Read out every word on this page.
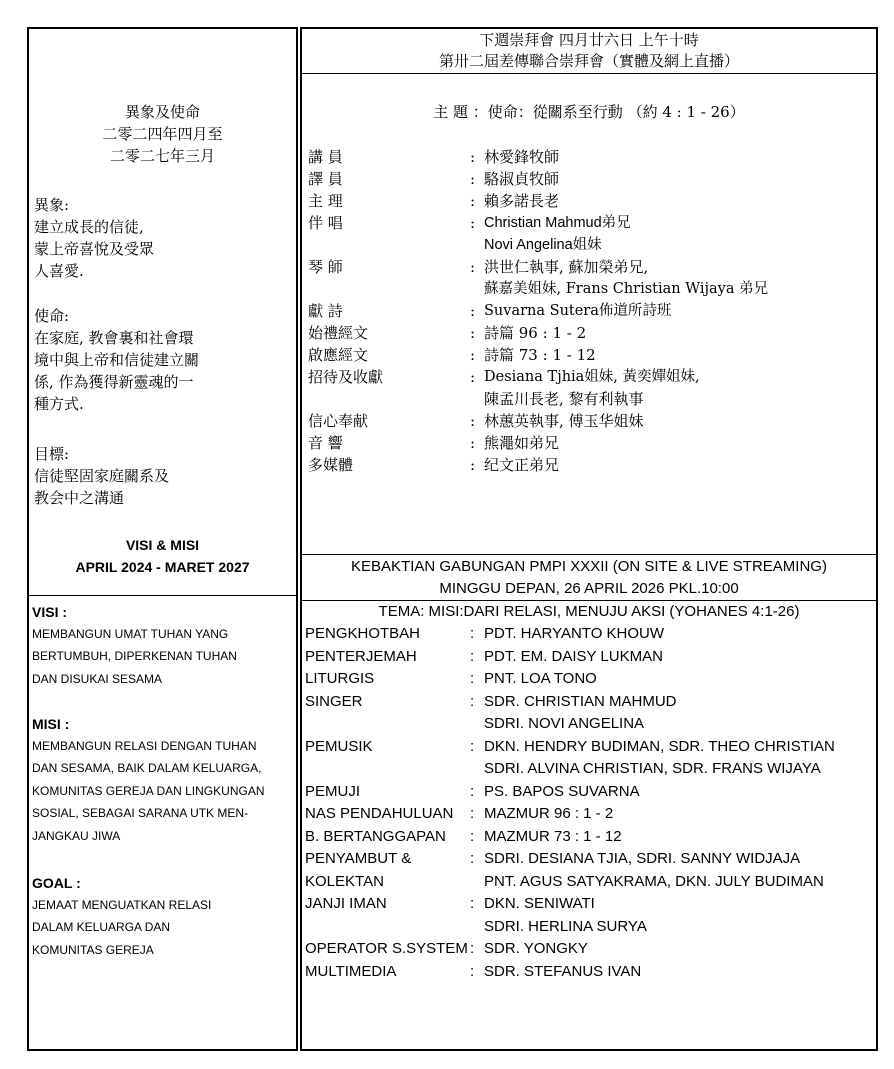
異象及使命
二零二四年四月至
二零二七年三月
異象:
建立成長的信徒,
蒙上帝喜悅及受眾
人喜愛.
使命:
在家庭, 教會裏和社會環
境中與上帝和信徒建立關
係, 作為獲得新靈魂的一
種方式.
目標:
信徒堅固家庭關系及
教会中之溝通
VISI & MISI
APRIL 2024 - MARET 2027
VISI :
MEMBANGUN UMAT TUHAN YANG
BERTUMBUH, DIPERKENAN TUHAN
DAN DISUKAI SESAMA
MISI :
MEMBANGUN RELASI DENGAN TUHAN
DAN SESAMA, BAIK DALAM KELUARGA,
KOMUNITAS GEREJA DAN LINGKUNGAN
SOSIAL, SEBAGAI SARANA UTK MEN-
JANGKAU JIWA
GOAL :
JEMAAT MENGUATKAN RELASI
DALAM KELUARGA DAN
KOMUNITAS GEREJA
下週崇拜會 四月廿六日 上午十時
第卅二屆差傳聯合崇拜會（實體及網上直播）
主 題 ：使命：從關系至行動 （約 4 : 1 - 26）
講 員	: 林愛鋒牧師
譯 員	: 駱淑貞牧師
主 理	: 賴多諾長老
伴 唱	: Christian Mahmud弟兄
Novi Angelina姐妹
琴 師	: 洪世仁執事, 蘇加榮弟兄,
蘇嘉美姐妹, Frans Christian Wijaya 弟兄
獻 詩	: Suvarna Sutera佈道所詩班
始禮經文	: 詩篇 96 : 1 - 2
啟應經文	: 詩篇 73 : 1 - 12
招待及收獻	: Desiana Tjhia姐妹, 黃奕嬋姐妹,
陳孟川長老, 黎有利執事
信心奉献	: 林蕙英執事, 傅玉华姐妹
音 響	: 熊澠如弟兄
多媒體	: 纪文正弟兄
KEBAKTIAN GABUNGAN PMPI XXXII (ON SITE & LIVE STREAMING)
MINGGU DEPAN, 26 APRIL 2026 PKL.10:00
TEMA: MISI:DARI RELASI, MENUJU AKSI (YOHANES 4:1-26)
PENGKHOTBAH	: PDT. HARYANTO KHOUW
PENTERJEMAH	: PDT. EM. DAISY LUKMAN
LITURGIS	: PNT. LOA TONO
SINGER	: SDR. CHRISTIAN MAHMUD
SDRI. NOVI ANGELINA
PEMUSIK	: DKN. HENDRY BUDIMAN, SDR. THEO CHRISTIAN
SDRI. ALVINA CHRISTIAN, SDR. FRANS WIJAYA
PEMUJI	: PS. BAPOS SUVARNA
NAS PENDAHULUAN : MAZMUR 96 : 1 - 2
B. BERTANGGAPAN : MAZMUR 73 : 1 - 12
PENYAMBUT &	: SDRI. DESIANA TJIA, SDRI. SANNY WIDJAJA
KOLEKTAN	PNT. AGUS SATYAKRAMA, DKN. JULY BUDIMAN
JANJI IMAN	: DKN. SENIWATI
SDRI. HERLINA SURYA
OPERATOR S.SYSTEM : SDR. YONGKY
MULTIMEDIA	: SDR. STEFANUS IVAN
